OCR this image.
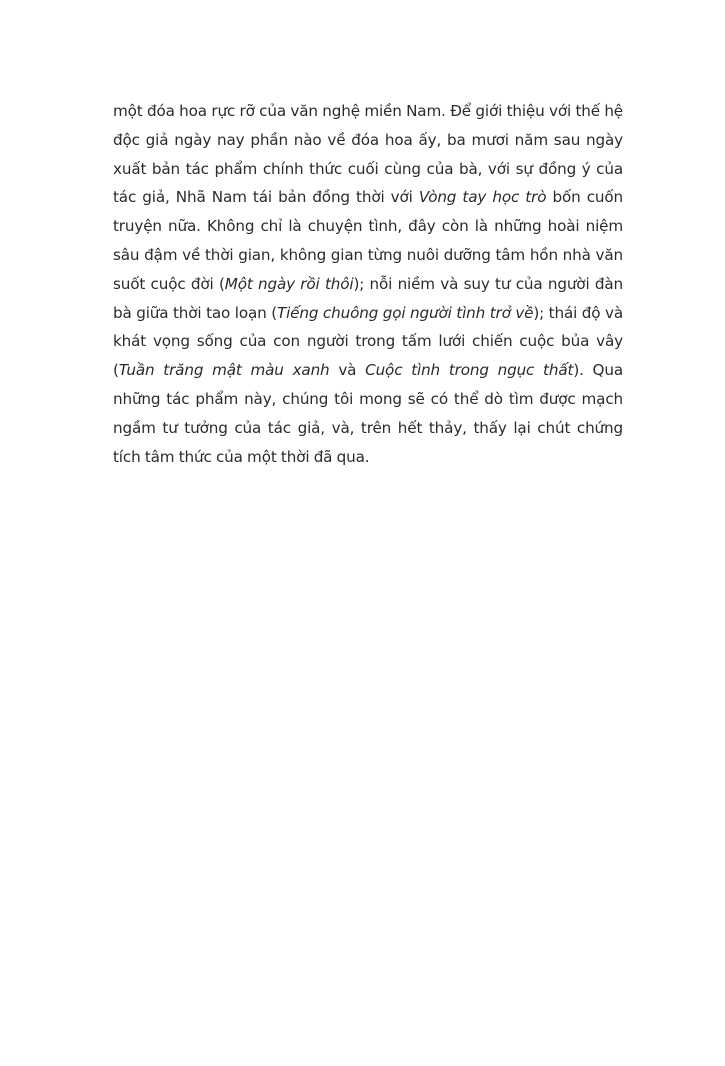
một đóa hoa rực rỡ của văn nghệ miền Nam. Để giới thiệu với thế hệ độc giả ngày nay phần nào về đóa hoa ấy, ba mươi năm sau ngày xuất bản tác phẩm chính thức cuối cùng của bà, với sự đồng ý của tác giả, Nhã Nam tái bản đồng thời với Vòng tay học trò bốn cuốn truyện nữa. Không chỉ là chuyện tình, đây còn là những hoài niệm sâu đậm về thời gian, không gian từng nuôi dưỡng tâm hồn nhà văn suốt cuộc đời (Một ngày rồi thôi); nỗi niềm và suy tư của người đàn bà giữa thời tao loạn (Tiếng chuông gọi người tình trở về); thái độ và khát vọng sống của con người trong tấm lưới chiến cuộc bủa vây (Tuần trăng mật màu xanh và Cuộc tình trong ngục thất). Qua những tác phẩm này, chúng tôi mong sẽ có thể dò tìm được mạch ngầm tư tưởng của tác giả, và, trên hết thảy, thấy lại chút chứng tích tâm thức của một thời đã qua.
